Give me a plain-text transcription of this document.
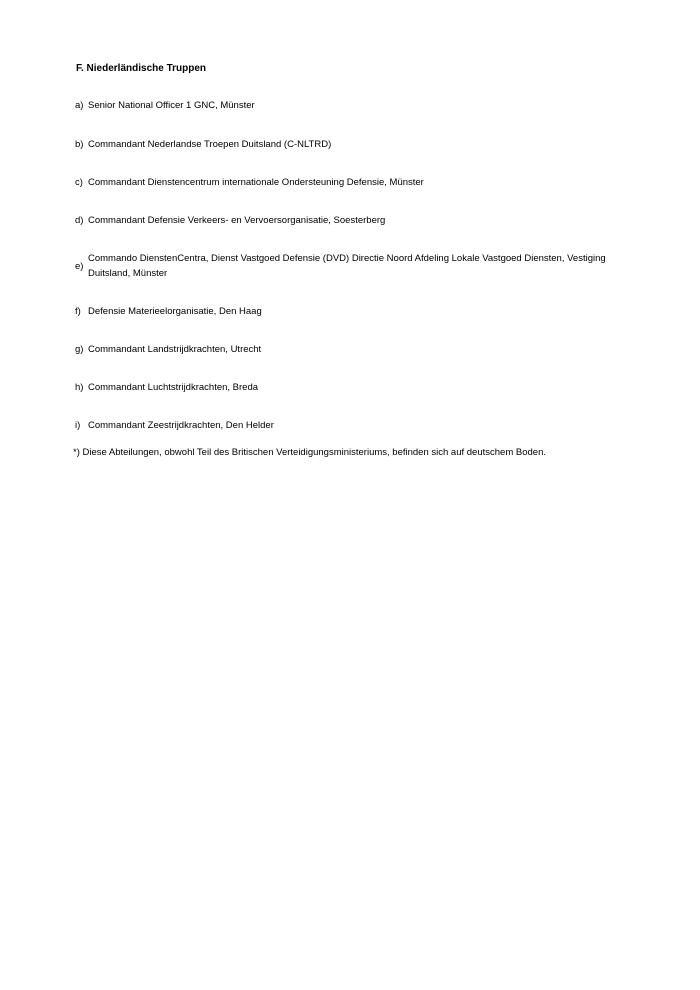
F. Niederländische Truppen
a) Senior National Officer 1 GNC, Münster
b) Commandant Nederlandse Troepen Duitsland (C-NLTRD)
c) Commandant Dienstencentrum internationale Ondersteuning Defensie, Münster
d) Commandant Defensie Verkeers- en Vervoersorganisatie, Soesterberg
e)
Commando DienstenCentra, Dienst Vastgoed Defensie (DVD) Directie Noord Afdeling Lokale Vastgoed Diensten, Vestiging Duitsland, Münster
f) Defensie Materieelorganisatie, Den Haag
g) Commandant Landstrijdkrachten, Utrecht
h) Commandant Luchtstrijdkrachten, Breda
i) Commandant Zeestrijdkrachten, Den Helder
*) Diese Abteilungen, obwohl Teil des Britischen Verteidigungsministeriums, befinden sich auf deutschem Boden.
